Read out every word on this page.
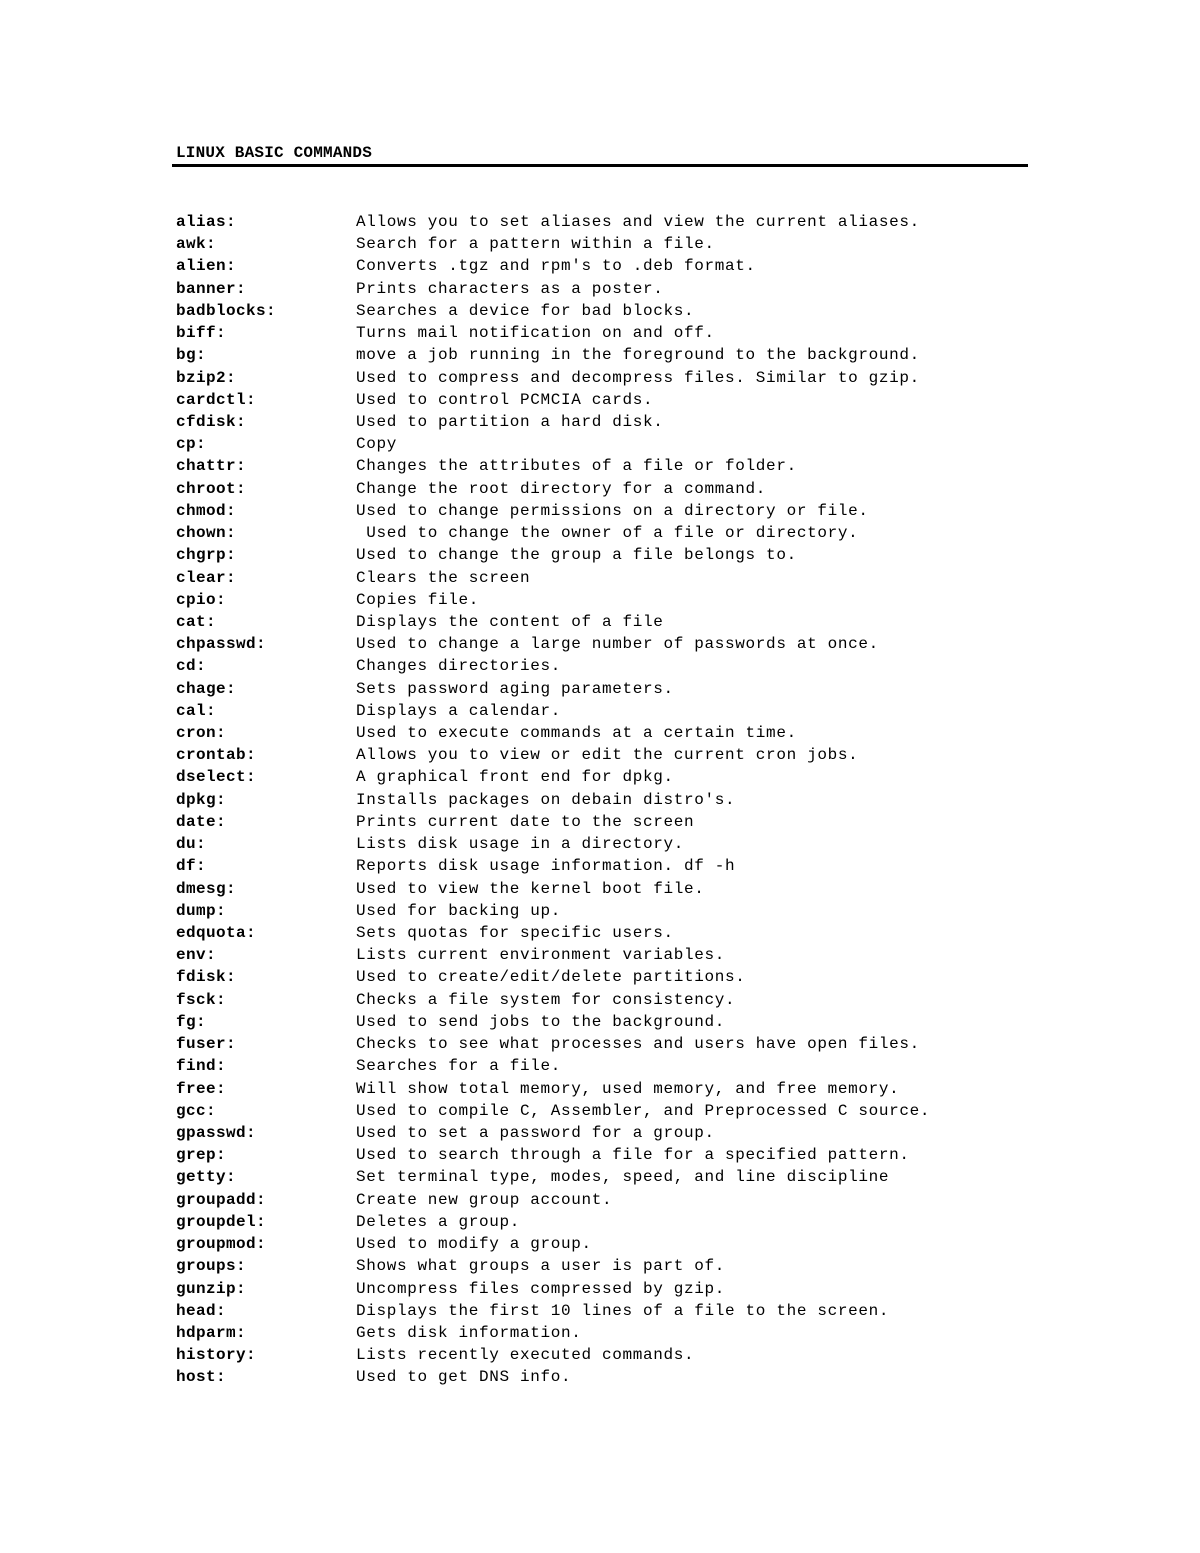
LINUX BASIC COMMANDS
alias:	Allows you to set aliases and view the current aliases.
awk:	Search for a pattern within a file.
alien:	Converts .tgz and rpm's to .deb format.
banner:	Prints characters as a poster.
badblocks:	Searches a device for bad blocks.
biff:	Turns mail notification on and off.
bg:	move a job running in the foreground to the background.
bzip2:	Used to compress and decompress files. Similar to gzip.
cardctl:	Used to control PCMCIA cards.
cfdisk:	Used to partition a hard disk.
cp:	Copy
chattr:	Changes the attributes of a file or folder.
chroot:	Change the root directory for a command.
chmod:	Used to change permissions on a directory or file.
chown:	Used to change the owner of a file or directory.
chgrp:	Used to change the group a file belongs to.
clear:	Clears the screen
cpio:	Copies file.
cat:	Displays the content of a file
chpasswd:	Used to change a large number of passwords at once.
cd:	Changes directories.
chage:	Sets password aging parameters.
cal:	Displays a calendar.
cron:	Used to execute commands at a certain time.
crontab:	Allows you to view or edit the current cron jobs.
dselect:	A graphical front end for dpkg.
dpkg:	Installs packages on debain distro's.
date:	Prints current date to the screen
du:	Lists disk usage in a directory.
df:	Reports disk usage information. df -h
dmesg:	Used to view the kernel boot file.
dump:	Used for backing up.
edquota:	Sets quotas for specific users.
env:	Lists current environment variables.
fdisk:	Used to create/edit/delete partitions.
fsck:	Checks a file system for consistency.
fg:	Used to send jobs to the background.
fuser:	Checks to see what processes and users have open files.
find:	Searches for a file.
free:	Will show total memory, used memory, and free memory.
gcc:	Used to compile C, Assembler, and Preprocessed C source.
gpasswd:	Used to set a password for a group.
grep:	Used to search through a file for a specified pattern.
getty:	Set terminal type, modes, speed, and line discipline
groupadd:	Create new group account.
groupdel:	Deletes a group.
groupmod:	Used to modify a group.
groups:	Shows what groups a user is part of.
gunzip:	Uncompress files compressed by gzip.
head:	Displays the first 10 lines of a file to the screen.
hdparm:	Gets disk information.
history:	Lists recently executed commands.
host:	Used to get DNS info.
